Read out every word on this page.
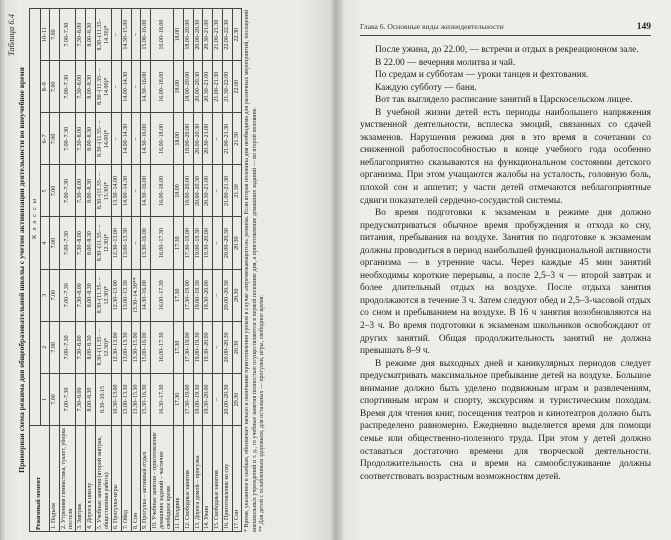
Таблица 6.4
Примерная схема режима дня общеобразовательной школы с учетом активизации деятельности во внеучебное время
Режимный момент	Классы							
	1	2	3	4	5	6–7	8–9	10–11
1. Подъем	7.00	7.00	7.00	7.00	7.00	7.00	7.00	7.00
2. Утренняя гимнастика, туалет, уборка постели	7.00–7.30	7.00–7.30	7.00–7.30	7.00–7.30	7.00–7.30	7.00–7.30	7.00–7.30	7.00–7.30
3. Завтрак	7.30–8.00	7.30–8.00	7.30–8.00	7.30–8.00	7.30–8.00	7.30–8.00	7.30–8.00	7.30–8.00
4. Дорога в школу	8.00–8.30	8.00–8.30	8.00–8.30	8.00–8.30	8.00–8.30	8.00–8.30	8.00–8.30	8.00–8.30
5. Учебные занятия (второй завтрак, общественная работа)	8.30–10.15	8.30–(11.35– –12.30)*	8.30–(11.35– –12.30)*	8.30–(11.35– –12.30)*	8.30–(11.35– –13.30)*	8.30–(11.35– –14.00)*	8.30–(11.35– –14.00)*	8.30–(11.35– 14.30)*
6. Прогулка-игры	10.30–13.00	12.30–13.00	12.30–13.00	12.30–13.00	13.30–14.00	–	–	–
7. Обед	13.00–13.30	13.00–13.30	13.00–13.30	13.00–13.30	14.00–14.30	14.00–14.30	14.00–14.30	14.30–15.00
8. Сон	13.30–15.30	13.30–15.00	13.30–14.30**	–	–	–	–	–
9. Прогулка – активный отдых	15.30–16.30	15.00–16.00	14.30–16.00	13.30–16.00	14.30–16.00	14.30–16.00	14.30–16.00	15.00–16.00
10. Учебные занятия – приготовление домашних заданий – частично свободное время	16.30–17.30	16.00–17.30	16.00–17.30	16.00–17.30	16.00–18.00	16.00–18.00	16.00–18.00	16.00–18.00
11. Полдник	17.30	17.30	17.30	17.30	18.00	18.00	18.00	18.00
12. Свободные занятия	17.30–19.00	17.30–19.00	17.30–19.00	17.30–19.00	18.00–20.00	18.00–20.00	18.00–20.00	18.00–20.00
13. Дорога домой – прогулка	19.00–19.30	19.00–19.30	19.00–19.30	19.00–19.30	20.00–20.30	20.00–20.30	20.00–20.30	20.00–20.30
14. Ужин	19.30–20.00	19.30–20.00	19.30–20.00	19.30–20.00	20.30–21.00	20.30–21.00	20.30–21.00	20.30–21.00
15. Свободные занятия	–	–	–	–	–	–	21.00–21.30	21.00–21.30
16. Приготовление ко сну	20.00–20.30	20.00–20.30	20.00–20.30	20.00–20.30	21.00–21.30	21.00–21.30	21.30–22.00	22.00–22.30
17. Сон	20.30	20.30	20.30	20.30	21.30	21.30	22.00	22.30 * Время, указанное в скобках, обозначает начало и окончание приготовления уроков в случае «перемежающегося» режима. Если вторая половина дня необходима для различных мероприятий, посещений внешкольных учреждений и т. д., то учебные занятия полностью осуществляются в первой половине дня, а приготовление домашних заданий — во второй половине. ** Для детей с ослабленным здоровьем, для остальных — прогулки, игры, свободное время.
Глава 6. Основные виды жизнедеятельности	149

После ужина, до 22.00, — встречи и отдых в рекреационном зале.

В 22.00 — вечерняя молитва и чай.

По средам и субботам — уроки танцев и фехтования.

Каждую субботу — баня.

Вот так выглядело расписание занятий в Царскосельском лицее.

В учебной жизни детей есть периоды наибольшего напряжения умственной деятельности, всплеска эмоций, связанных со сдачей экзаменов. Нарушения режима дня в это время в сочетании со сниженной работоспособностью в конце учебного года особенно неблагоприятно сказываются на функциональном состоянии детского организма. При этом учащаются жалобы на усталость, головную боль, плохой сон и аппетит; у части детей отмечаются неблагоприятные сдвиги показателей сердечно-сосудистой системы.

Во время подготовки к экзаменам в режиме дня должно предусматриваться обычное время пробуждения и отхода ко сну, питания, пребывания на воздухе. Занятия по подготовке к экзаменам должны проводиться в период наибольшей функциональной активности организма — в утренние часы. Через каждые 45 мин занятий необходимы короткие перерывы, а после 2,5–3 ч — второй завтрак и более длительный отдых на воздухе. После отдыха занятия продолжаются в течение 3 ч. Затем следуют обед и 2,5–3-часовой отдых со сном и пребыванием на воздухе. В 16 ч занятия возобновляются на 2–3 ч. Во время подготовки к экзаменам школьников освобождают от других занятий. Общая продолжительность занятий не должна превышать 8–9 ч.

В режиме дня выходных дней и каникулярных периодов следует предусматривать максимальное пребывание детей на воздухе. Большое внимание должно быть уделено подвижным играм и развлечениям, спортивным играм и спорту, экскурсиям и туристическим походам. Время для чтения книг, посещения театров и кинотеатров должно быть распределено равномерно. Ежедневно выделяется время для помощи семье или общественно-полезного труда. При этом у детей должно оставаться достаточно времени для творческой деятельности. Продолжительность сна и время на самообслуживание должны соответствовать возрастным возможностям детей.
